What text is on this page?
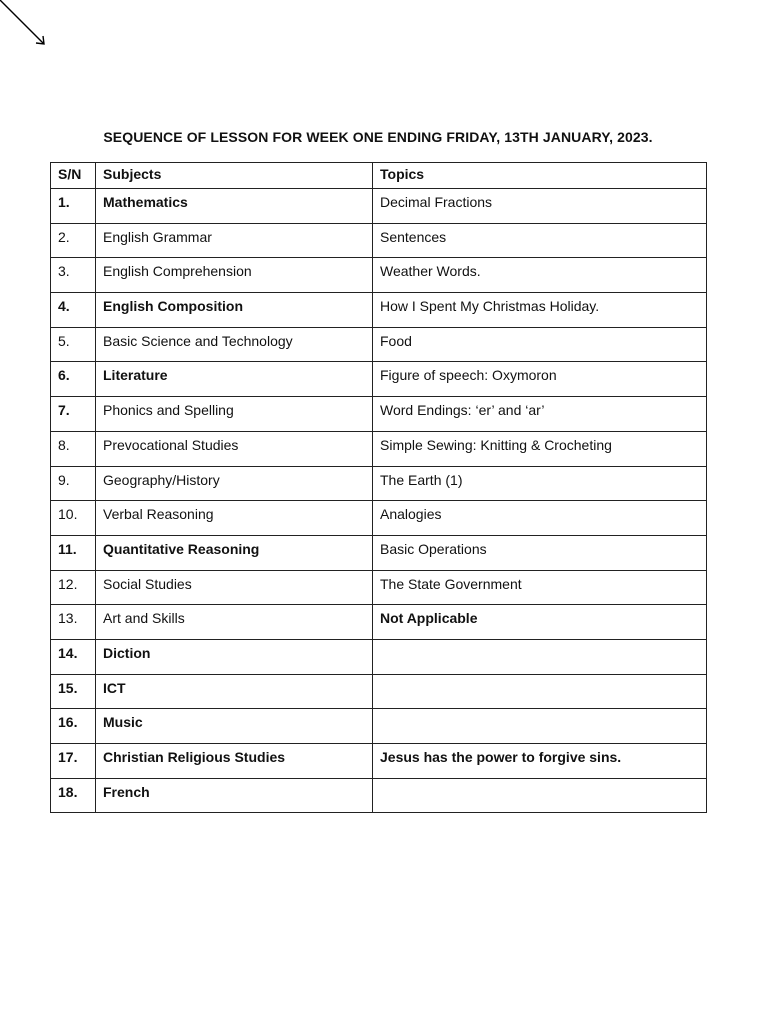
SEQUENCE OF LESSON FOR WEEK ONE ENDING FRIDAY, 13TH JANUARY, 2023.
S/N	Subjects	Topics
1.	Mathematics	Decimal Fractions
2.	English Grammar	Sentences
3.	English Comprehension	Weather Words.
4.	English Composition	How I Spent My Christmas Holiday.
5.	Basic Science and Technology	Food
6.	Literature	Figure of speech: Oxymoron
7.	Phonics and Spelling	Word Endings: ‘er’ and ‘ar’
8.	Prevocational Studies	Simple Sewing: Knitting & Crocheting
9.	Geography/History	The Earth (1)
10.	Verbal Reasoning	Analogies
11.	Quantitative Reasoning	Basic Operations
12.	Social Studies	The State Government
13.	Art and Skills	Not Applicable
14.	Diction	
15.	ICT	
16.	Music	
17.	Christian Religious Studies	Jesus has the power to forgive sins.
18.	French	
